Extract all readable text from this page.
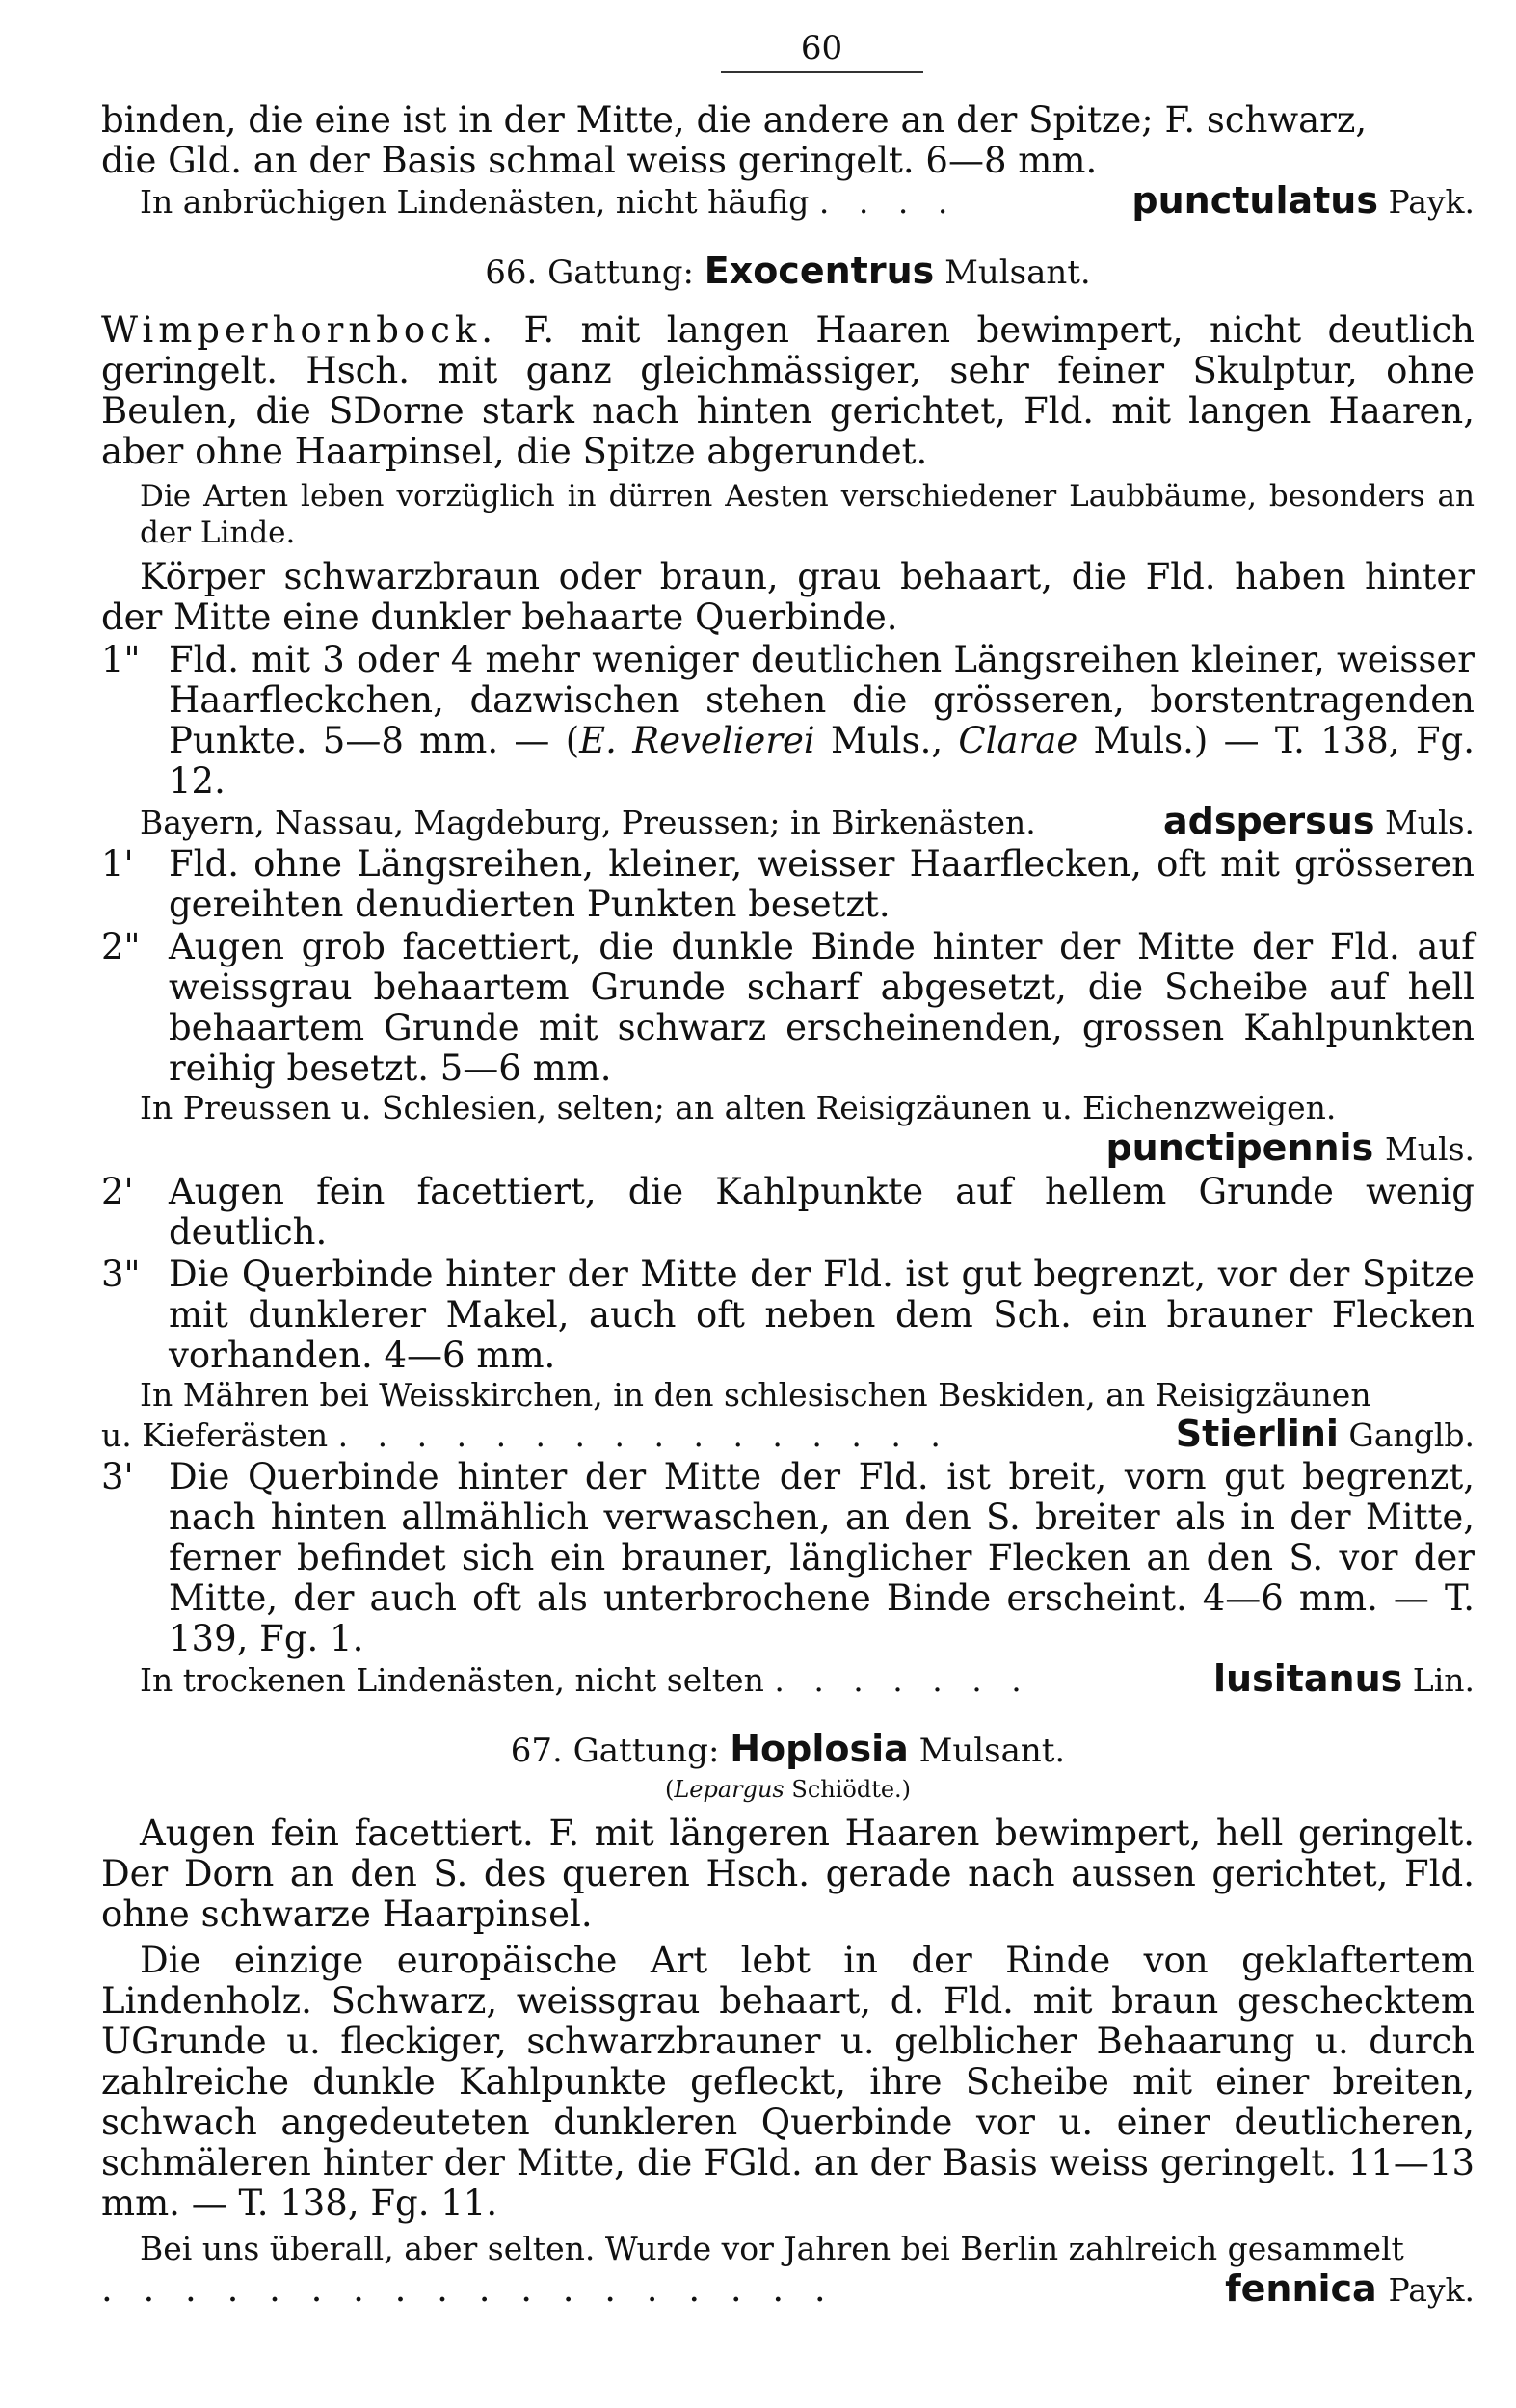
60

binden, die eine ist in der Mitte, die andere an der Spitze; F. schwarz,

die Gld. an der Basis schmal weiss geringelt. 6—8 mm.

In anbrüchigen Lindenästen, nicht häufig . . . .	punctulatus Payk.
66. Gattung: Exocentrus Mulsant.

Wimperhornbock. F. mit langen Haaren bewimpert, nicht deutlich geringelt. Hsch. mit ganz gleichmässiger, sehr feiner Skulptur, ohne Beulen, die SDorne stark nach hinten gerichtet, Fld. mit langen Haaren, aber ohne Haarpinsel, die Spitze abgerundet.

Die Arten leben vorzüglich in dürren Aesten verschiedener Laubbäume, besonders an der Linde.

Körper schwarzbraun oder braun, grau behaart, die Fld. haben hinter der Mitte eine dunkler behaarte Querbinde.

1" Fld. mit 3 oder 4 mehr weniger deutlichen Längsreihen kleiner, weisser Haarfleckchen, dazwischen stehen die grösseren, borstentragenden Punkte. 5—8 mm. — (E. Revelierei Muls., Clarae Muls.) — T. 138, Fg. 12.
Bayern, Nassau, Magdeburg, Preussen; in Birkenästen.	adspersus Muls.
1' Fld. ohne Längsreihen, kleiner, weisser Haarflecken, oft mit grösseren gereihten denudierten Punkten besetzt.
2" Augen grob facettiert, die dunkle Binde hinter der Mitte der Fld. auf weissgrau behaartem Grunde scharf abgesetzt, die Scheibe auf hell behaartem Grunde mit schwarz erscheinenden, grossen Kahlpunkten reihig besetzt. 5—6 mm.

In Preussen u. Schlesien, selten; an alten Reisigzäunen u. Eichenzweigen.

punctipennis Muls.
2' Augen fein facettiert, die Kahlpunkte auf hellem Grunde wenig deutlich.
3" Die Querbinde hinter der Mitte der Fld. ist gut begrenzt, vor der Spitze mit dunklerer Makel, auch oft neben dem Sch. ein brauner Flecken vorhanden. 4—6 mm.

In Mähren bei Weisskirchen, in den schlesischen Beskiden, an Reisigzäunen

u. Kieferästen . . . . . . . . . . . . . . . .	Stierlini Ganglb.
3' Die Querbinde hinter der Mitte der Fld. ist breit, vorn gut begrenzt, nach hinten allmählich verwaschen, an den S. breiter als in der Mitte, ferner befindet sich ein brauner, länglicher Flecken an den S. vor der Mitte, der auch oft als unterbrochene Binde erscheint. 4—6 mm. — T. 139, Fg. 1.
In trockenen Lindenästen, nicht selten . . . . . . .	lusitanus Lin.
67. Gattung: Hoplosia Mulsant.
(Lepargus Schiödte.)

Augen fein facettiert. F. mit längeren Haaren bewimpert, hell geringelt. Der Dorn an den S. des queren Hsch. gerade nach aussen gerichtet, Fld. ohne schwarze Haarpinsel.

Die einzige europäische Art lebt in der Rinde von geklaftertem Lindenholz. Schwarz, weissgrau behaart, d. Fld. mit braun geschecktem UGrunde u. fleckiger, schwarzbrauner u. gelblicher Behaarung u. durch zahlreiche dunkle Kahlpunkte gefleckt, ihre Scheibe mit einer breiten, schwach angedeuteten dunkleren Querbinde vor u. einer deutlicheren, schmäleren hinter der Mitte, die FGld. an der Basis weiss geringelt. 11—13 mm. — T. 138, Fg. 11.

Bei uns überall, aber selten. Wurde vor Jahren bei Berlin zahlreich gesammelt

. . . . . . . . . . . . . . . . . .	fennica Payk.
